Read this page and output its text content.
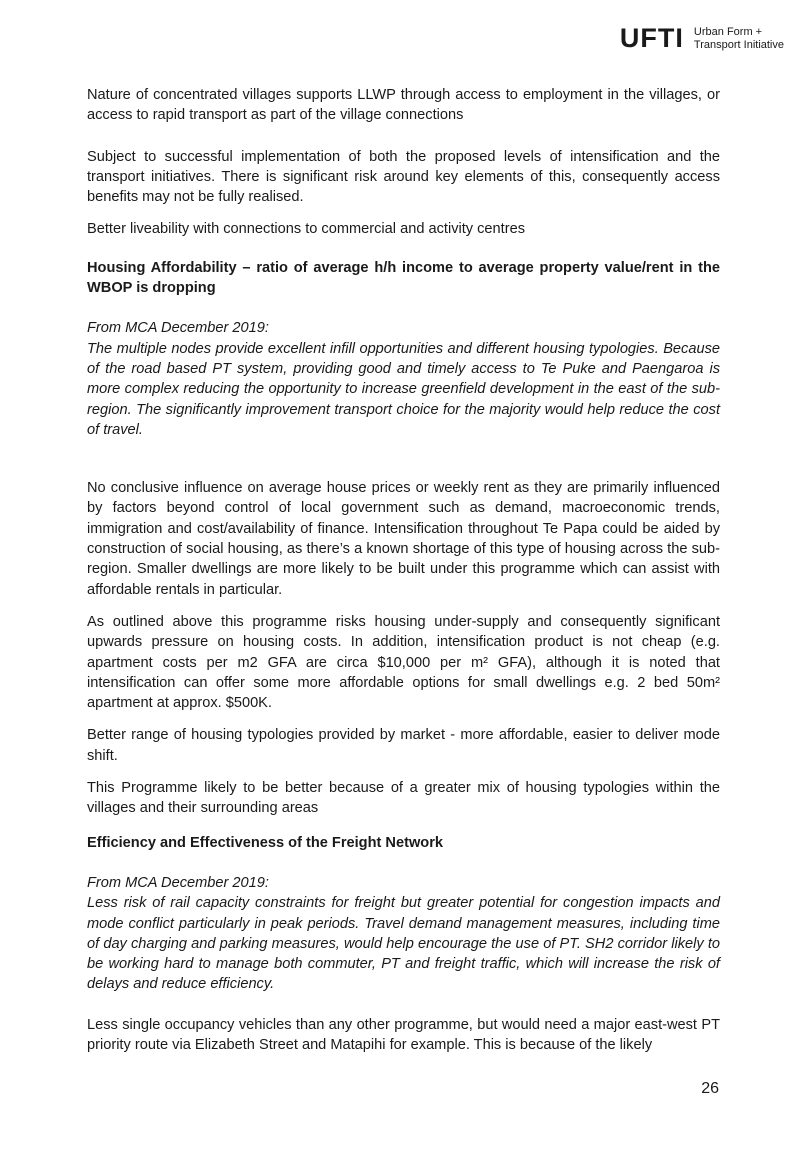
UFTI Urban Form +
Transport Initiative

Nature of concentrated villages supports LLWP through access to employment in the villages, or access to rapid transport as part of the village connections

Subject to successful implementation of both the proposed levels of intensification and the transport initiatives. There is significant risk around key elements of this, consequently access benefits may not be fully realised.

Better liveability with connections to commercial and activity centres

Housing Affordability – ratio of average h/h income to average property value/rent in the WBOP is dropping

From MCA December 2019:

The multiple nodes provide excellent infill opportunities and different housing typologies. Because of the road based PT system, providing good and timely access to Te Puke and Paengaroa is more complex reducing the opportunity to increase greenfield development in the east of the sub-region. The significantly improvement transport choice for the majority would help reduce the cost of travel.

No conclusive influence on average house prices or weekly rent as they are primarily influenced by factors beyond control of local government such as demand, macroeconomic trends, immigration and cost/availability of finance. Intensification throughout Te Papa could be aided by construction of social housing, as there’s a known shortage of this type of housing across the sub-region. Smaller dwellings are more likely to be built under this programme which can assist with affordable rentals in particular.

As outlined above this programme risks housing under-supply and consequently significant upwards pressure on housing costs. In addition, intensification product is not cheap (e.g. apartment costs per m2 GFA are circa $10,000 per m² GFA), although it is noted that intensification can offer some more affordable options for small dwellings e.g. 2 bed 50m² apartment at approx. $500K.

Better range of housing typologies provided by market - more affordable, easier to deliver mode shift.

This Programme likely to be better because of a greater mix of housing typologies within the villages and their surrounding areas

Efficiency and Effectiveness of the Freight Network

From MCA December 2019:

Less risk of rail capacity constraints for freight but greater potential for congestion impacts and mode conflict particularly in peak periods. Travel demand management measures, including time of day charging and parking measures, would help encourage the use of PT. SH2 corridor likely to be working hard to manage both commuter, PT and freight traffic, which will increase the risk of delays and reduce efficiency.

Less single occupancy vehicles than any other programme, but would need a major east-west PT priority route via Elizabeth Street and Matapihi for example. This is because of the likely

26
